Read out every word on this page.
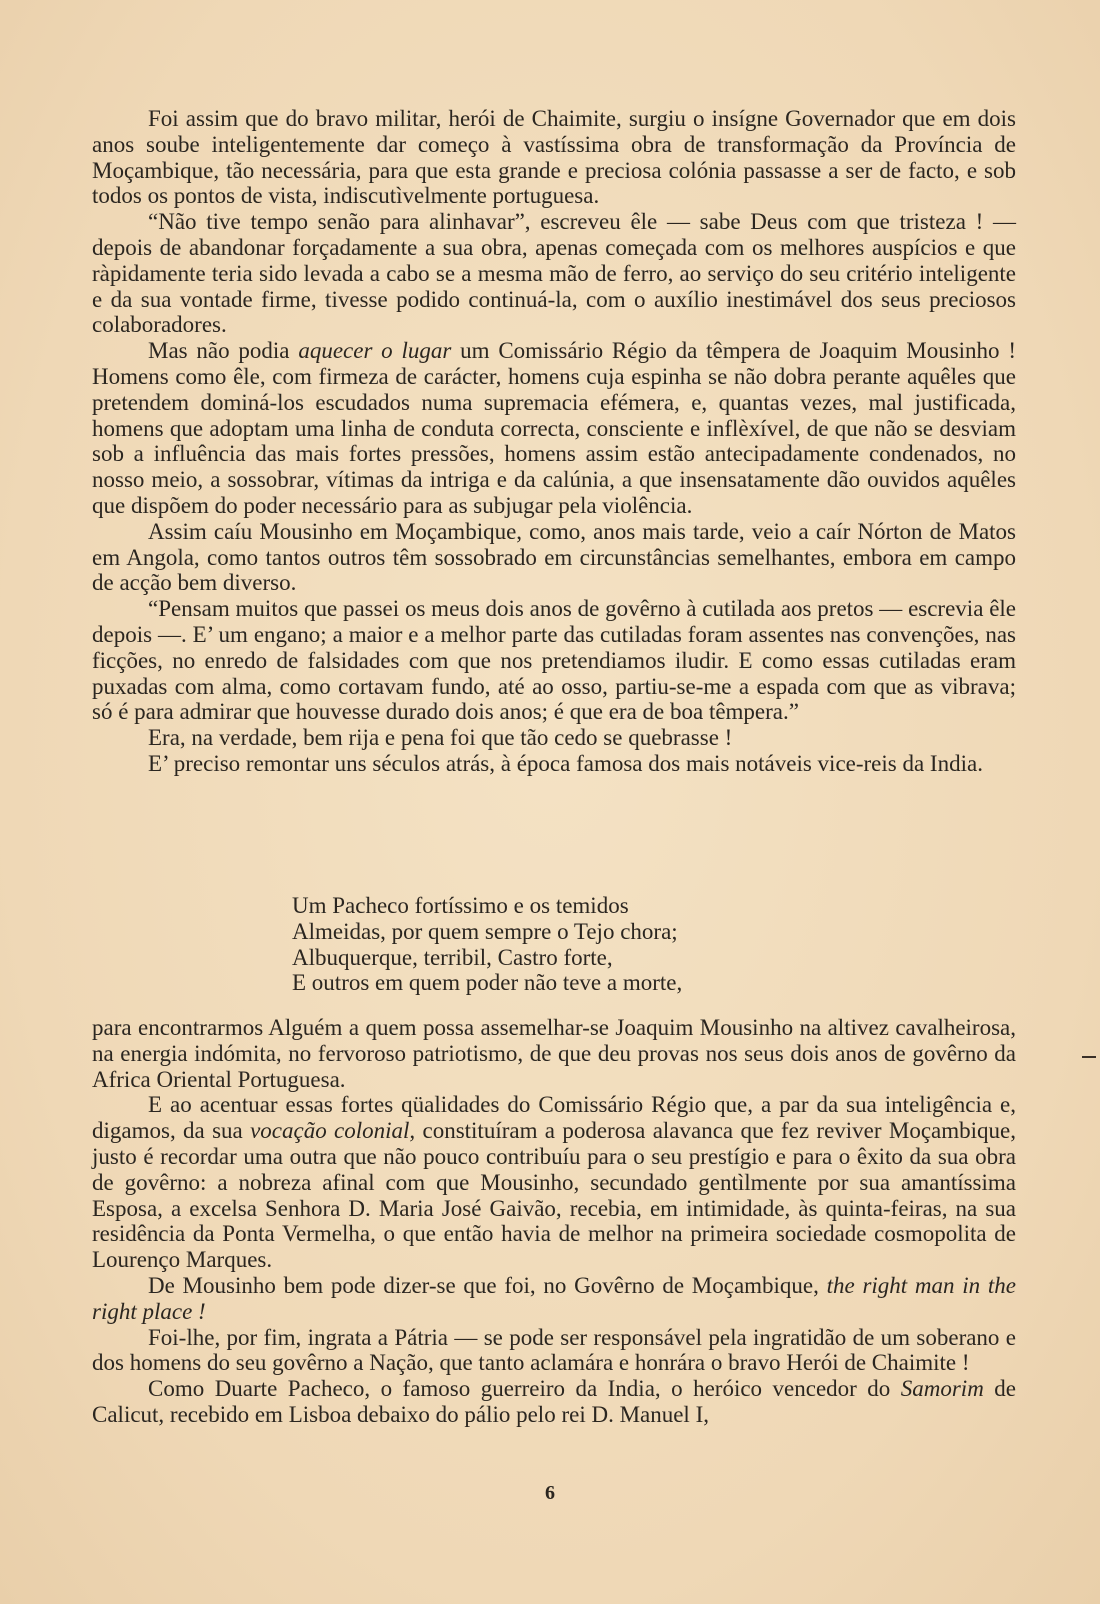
Foi assim que do bravo militar, herói de Chaimite, surgiu o insígne Governador que em dois anos soube inteligentemente dar começo à vastíssima obra de transformação da Província de Moçambique, tão necessária, para que esta grande e preciosa colónia passasse a ser de facto, e sob todos os pontos de vista, indiscutìvelmente portuguesa.

“Não tive tempo senão para alinhavar”, escreveu êle — sabe Deus com que tristeza ! — depois de abandonar forçadamente a sua obra, apenas começada com os melhores auspícios e que ràpidamente teria sido levada a cabo se a mesma mão de ferro, ao serviço do seu critério inteligente e da sua vontade firme, tivesse podido continuá-la, com o auxílio inestimável dos seus preciosos colaboradores.

Mas não podia aquecer o lugar um Comissário Régio da têmpera de Joaquim Mousinho ! Homens como êle, com firmeza de carácter, homens cuja espinha se não dobra perante aquêles que pretendem dominá-los escudados numa supremacia efémera, e, quantas vezes, mal justificada, homens que adoptam uma linha de conduta correcta, consciente e inflèxível, de que não se desviam sob a influência das mais fortes pressões, homens assim estão antecipadamente condenados, no nosso meio, a sossobrar, vítimas da intriga e da calúnia, a que insensatamente dão ouvidos aquêles que dispõem do poder necessário para as subjugar pela violência.

Assim caíu Mousinho em Moçambique, como, anos mais tarde, veio a caír Nórton de Matos em Angola, como tantos outros têm sossobrado em circunstâncias semelhantes, embora em campo de acção bem diverso.

“Pensam muitos que passei os meus dois anos de govêrno à cutilada aos pretos — escrevia êle depois —. E’ um engano; a maior e a melhor parte das cutiladas foram assentes nas convenções, nas ficções, no enredo de falsidades com que nos pretendiamos iludir. E como essas cutiladas eram puxadas com alma, como cortavam fundo, até ao osso, partiu-se-me a espada com que as vibrava; só é para admirar que houvesse durado dois anos; é que era de boa têmpera.”

Era, na verdade, bem rija e pena foi que tão cedo se quebrasse !

E’ preciso remontar uns séculos atrás, à época famosa dos mais notáveis vice-reis da India.

Um Pacheco fortíssimo e os temidos
Almeidas, por quem sempre o Tejo chora;
Albuquerque, terribil, Castro forte,
E outros em quem poder não teve a morte,

para encontrarmos Alguém a quem possa assemelhar-se Joaquim Mousinho na altivez cavalheirosa, na energia indómita, no fervoroso patriotismo, de que deu provas nos seus dois anos de govêrno da Africa Oriental Portuguesa.

E ao acentuar essas fortes qüalidades do Comissário Régio que, a par da sua inteligência e, digamos, da sua vocação colonial, constituíram a poderosa alavanca que fez reviver Moçambique, justo é recordar uma outra que não pouco contribuíu para o seu prestígio e para o êxito da sua obra de govêrno: a nobreza afinal com que Mousinho, secundado gentìlmente por sua amantíssima Esposa, a excelsa Senhora D. Maria José Gaivão, recebia, em intimidade, às quinta-feiras, na sua residência da Ponta Vermelha, o que então havia de melhor na primeira sociedade cosmopolita de Lourenço Marques.

De Mousinho bem pode dizer-se que foi, no Govêrno de Moçambique, the right man in the right place !

Foi-lhe, por fim, ingrata a Pátria — se pode ser responsável pela ingratidão de um soberano e dos homens do seu govêrno a Nação, que tanto aclamára e honrára o bravo Herói de Chaimite !

Como Duarte Pacheco, o famoso guerreiro da India, o heróico vencedor do Samorim de Calicut, recebido em Lisboa debaixo do pálio pelo rei D. Manuel I,

6
